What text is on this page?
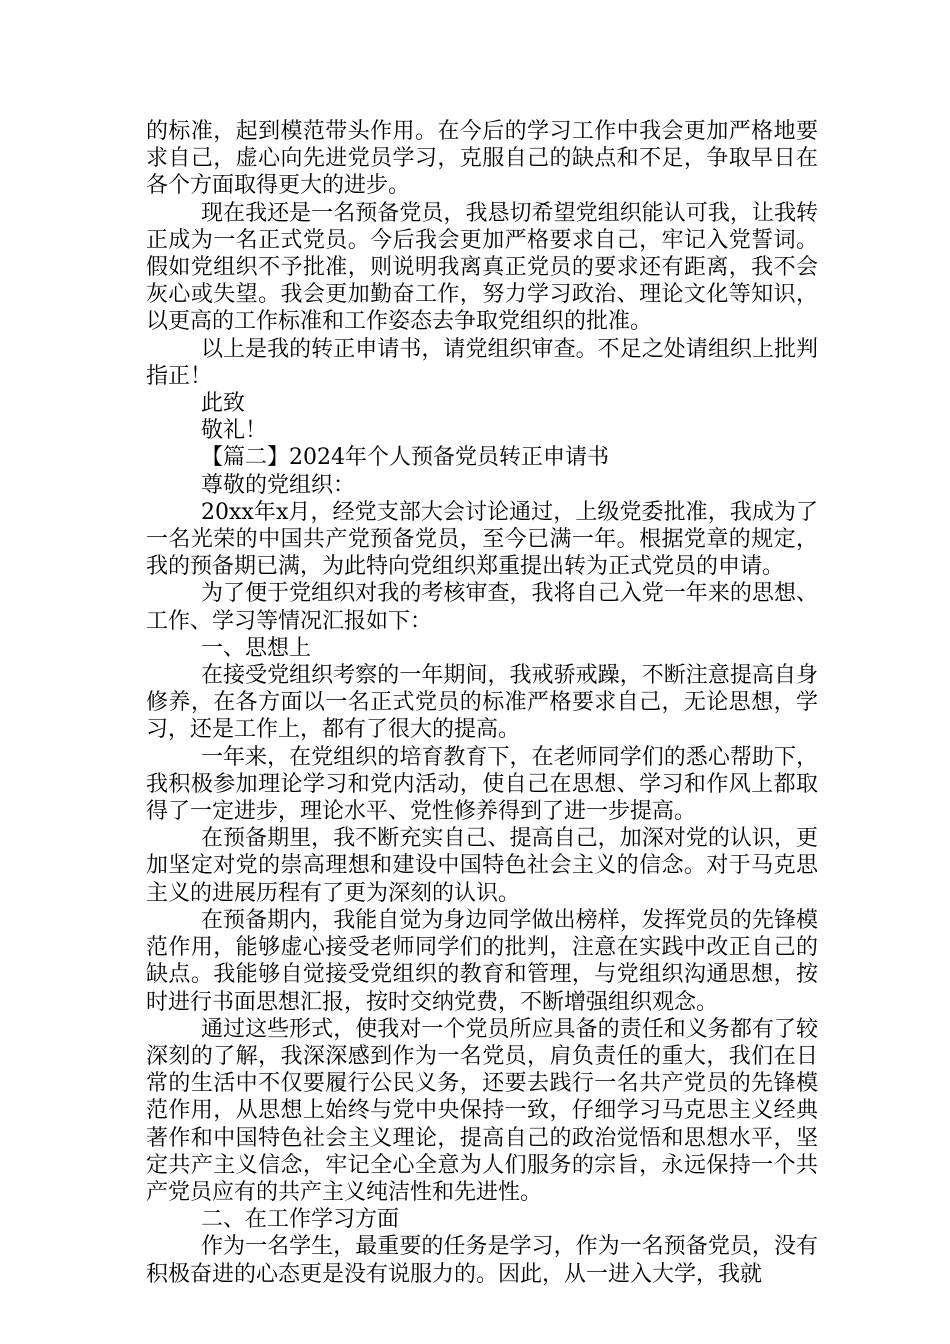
的标准，起到模范带头作用。在今后的学习工作中我会更加严格地要求自己，虚心向先进党员学习，克服自己的缺点和不足，争取早日在各个方面取得更大的进步。

现在我还是一名预备党员，我恳切希望党组织能认可我，让我转正成为一名正式党员。今后我会更加严格要求自己，牢记入党誓词。假如党组织不予批准，则说明我离真正党员的要求还有距离，我不会灰心或失望。我会更加勤奋工作，努力学习政治、理论文化等知识，以更高的工作标准和工作姿态去争取党组织的批准。

以上是我的转正申请书，请党组织审查。不足之处请组织上批判指正！

此致

敬礼！

【篇二】2024年个人预备党员转正申请书

尊敬的党组织：

20xx年x月，经党支部大会讨论通过，上级党委批准，我成为了一名光荣的中国共产党预备党员，至今已满一年。根据党章的规定，我的预备期已满，为此特向党组织郑重提出转为正式党员的申请。

为了便于党组织对我的考核审查，我将自己入党一年来的思想、工作、学习等情况汇报如下：

一、思想上

在接受党组织考察的一年期间，我戒骄戒躁，不断注意提高自身修养，在各方面以一名正式党员的标准严格要求自己，无论思想，学习，还是工作上，都有了很大的提高。

一年来，在党组织的培育教育下，在老师同学们的悉心帮助下，我积极参加理论学习和党内活动，使自己在思想、学习和作风上都取得了一定进步，理论水平、党性修养得到了进一步提高。

在预备期里，我不断充实自己、提高自己，加深对党的认识，更加坚定对党的崇高理想和建设中国特色社会主义的信念。对于马克思主义的进展历程有了更为深刻的认识。

在预备期内，我能自觉为身边同学做出榜样，发挥党员的先锋模范作用，能够虚心接受老师同学们的批判，注意在实践中改正自己的缺点。我能够自觉接受党组织的教育和管理，与党组织沟通思想，按时进行书面思想汇报，按时交纳党费，不断增强组织观念。

通过这些形式，使我对一个党员所应具备的责任和义务都有了较深刻的了解，我深深感到作为一名党员，肩负责任的重大，我们在日常的生活中不仅要履行公民义务，还要去践行一名共产党员的先锋模范作用，从思想上始终与党中央保持一致，仔细学习马克思主义经典著作和中国特色社会主义理论，提高自己的政治觉悟和思想水平，坚定共产主义信念，牢记全心全意为人们服务的宗旨，永远保持一个共产党员应有的共产主义纯洁性和先进性。

二、在工作学习方面

作为一名学生，最重要的任务是学习，作为一名预备党员，没有积极奋进的心态更是没有说服力的。因此，从一进入大学，我就
